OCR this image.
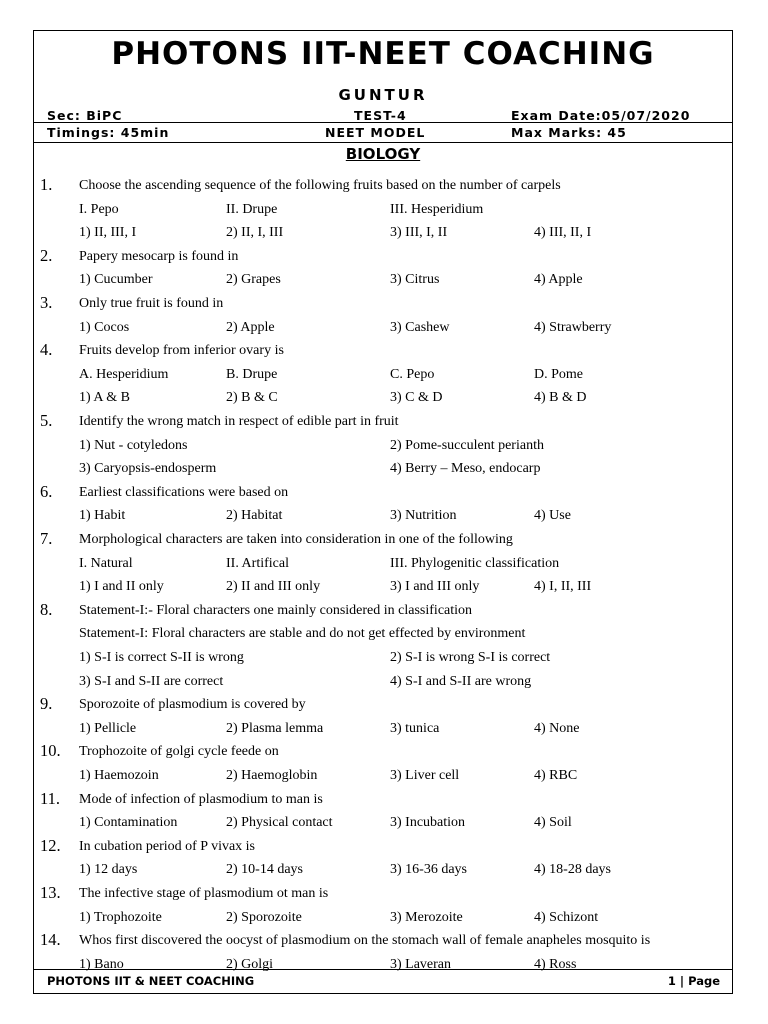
PHOTONS IIT-NEET COACHING
GUNTUR
Sec: BiPC	TEST-4	Exam Date:05/07/2020
Timings: 45min	NEET MODEL	Max Marks: 45
BIOLOGY
1. Choose the ascending sequence of the following fruits based on the number of carpels
I. Pepo	II. Drupe	III. Hesperidium
1) II, III, I	2) II, I, III	3) III, I, II	4) III, II, I
2. Papery mesocarp is found in
1) Cucumber	2) Grapes	3) Citrus	4) Apple
3. Only true fruit is found in
1) Cocos	2) Apple	3) Cashew	4) Strawberry
4. Fruits develop from inferior ovary is
A. Hesperidium	B. Drupe	C. Pepo	D. Pome
1) A & B	2) B & C	3) C & D	4) B & D
5. Identify the wrong match in respect of edible part in fruit
1) Nut - cotyledons	2) Pome-succulent perianth
3) Caryopsis-endosperm	4) Berry – Meso, endocarp
6. Earliest classifications were based on
1) Habit	2) Habitat	3) Nutrition	4) Use
7. Morphological characters are taken into consideration in one of the following
I. Natural	II. Artifical	III. Phylogenitic classification
1) I and II only	2) II and III only	3) I and III only	4) I, II, III
8. Statement-I:- Floral characters one mainly considered in classification
Statement-I: Floral characters are stable and do not get effected by environment
1) S-I is correct S-II is wrong	2) S-I is wrong S-I is correct
3) S-I and S-II are correct	4) S-I and S-II are wrong
9. Sporozoite of plasmodium is covered by
1) Pellicle	2) Plasma lemma	3) tunica	4) None
10. Trophozoite of golgi cycle feede on
1) Haemozoin	2) Haemoglobin	3) Liver cell	4) RBC
11. Mode of infection of plasmodium to man is
1) Contamination	2) Physical contact	3) Incubation	4) Soil
12. In cubation period of P vivax is
1) 12 days	2) 10-14 days	3) 16-36 days	4) 18-28 days
13. The infective stage of plasmodium ot man is
1) Trophozoite	2) Sporozoite	3) Merozoite	4) Schizont
14. Whos first discovered the oocyst of plasmodium on the stomach wall of female anapheles mosquito is
1) Bano	2) Golgi	3) Laveran	4) Ross
PHOTONS IIT & NEET COACHING	1 | Page
